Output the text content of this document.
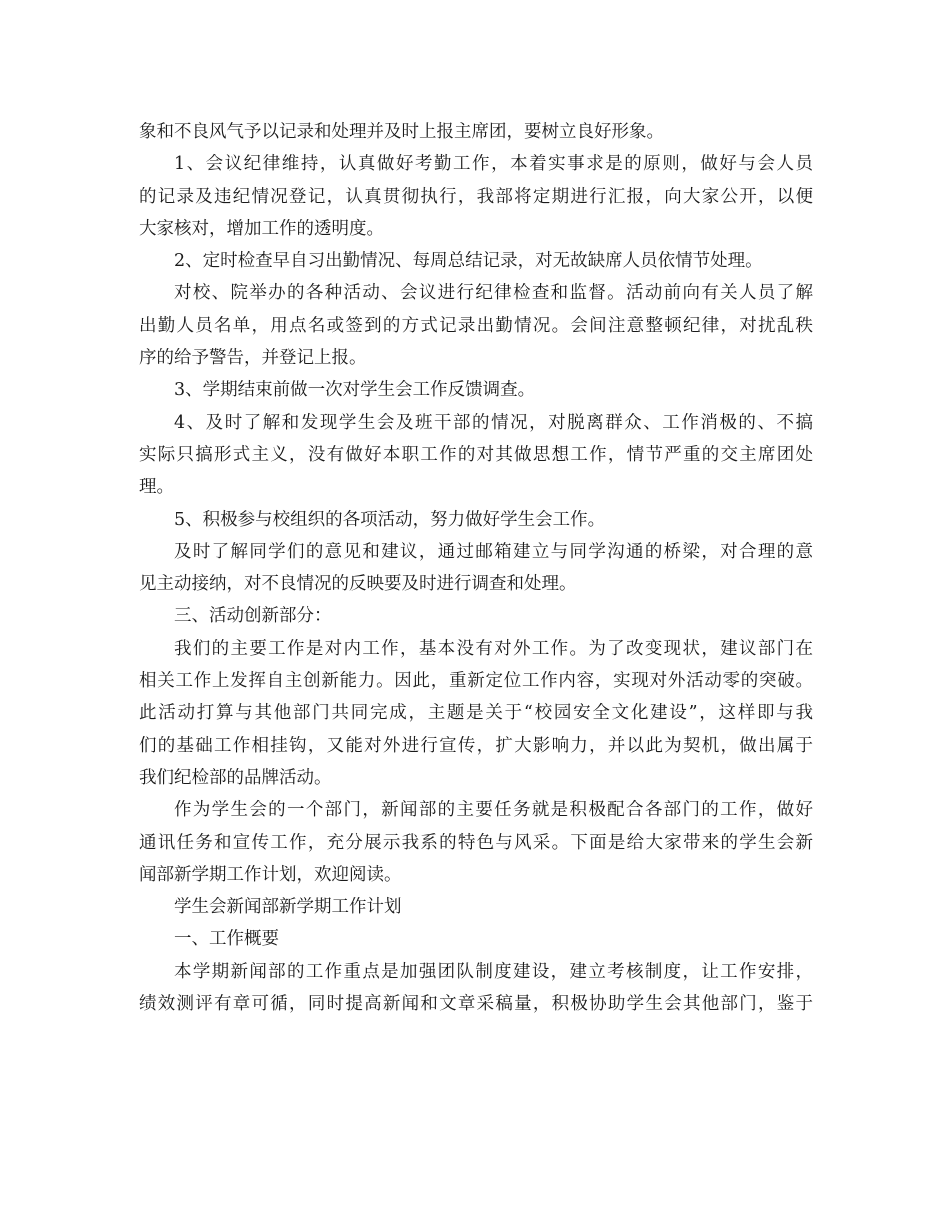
象和不良风气予以记录和处理并及时上报主席团，要树立良好形象。
1、会议纪律维持，认真做好考勤工作，本着实事求是的原则，做好与会人员
的记录及违纪情况登记，认真贯彻执行，我部将定期进行汇报，向大家公开，以便
大家核对，增加工作的透明度。
2、定时检查早自习出勤情况、每周总结记录，对无故缺席人员依情节处理。
对校、院举办的各种活动、会议进行纪律检查和监督。活动前向有关人员了解
出勤人员名单，用点名或签到的方式记录出勤情况。会间注意整顿纪律，对扰乱秩
序的给予警告，并登记上报。
3、学期结束前做一次对学生会工作反馈调查。
4、及时了解和发现学生会及班干部的情况，对脱离群众、工作消极的、不搞
实际只搞形式主义，没有做好本职工作的对其做思想工作，情节严重的交主席团处
理。
5、积极参与校组织的各项活动，努力做好学生会工作。
及时了解同学们的意见和建议，通过邮箱建立与同学沟通的桥梁，对合理的意
见主动接纳，对不良情况的反映要及时进行调查和处理。
三、活动创新部分：
我们的主要工作是对内工作，基本没有对外工作。为了改变现状，建议部门在
相关工作上发挥自主创新能力。因此，重新定位工作内容，实现对外活动零的突破。
此活动打算与其他部门共同完成，主题是关于“校园安全文化建设”，这样即与我
们的基础工作相挂钩，又能对外进行宣传，扩大影响力，并以此为契机，做出属于
我们纪检部的品牌活动。
作为学生会的一个部门，新闻部的主要任务就是积极配合各部门的工作，做好
通讯任务和宣传工作，充分展示我系的特色与风采。下面是给大家带来的学生会新
闻部新学期工作计划，欢迎阅读。
学生会新闻部新学期工作计划
一、工作概要
本学期新闻部的工作重点是加强团队制度建设，建立考核制度，让工作安排，
绩效测评有章可循，同时提高新闻和文章采稿量，积极协助学生会其他部门，鉴于
